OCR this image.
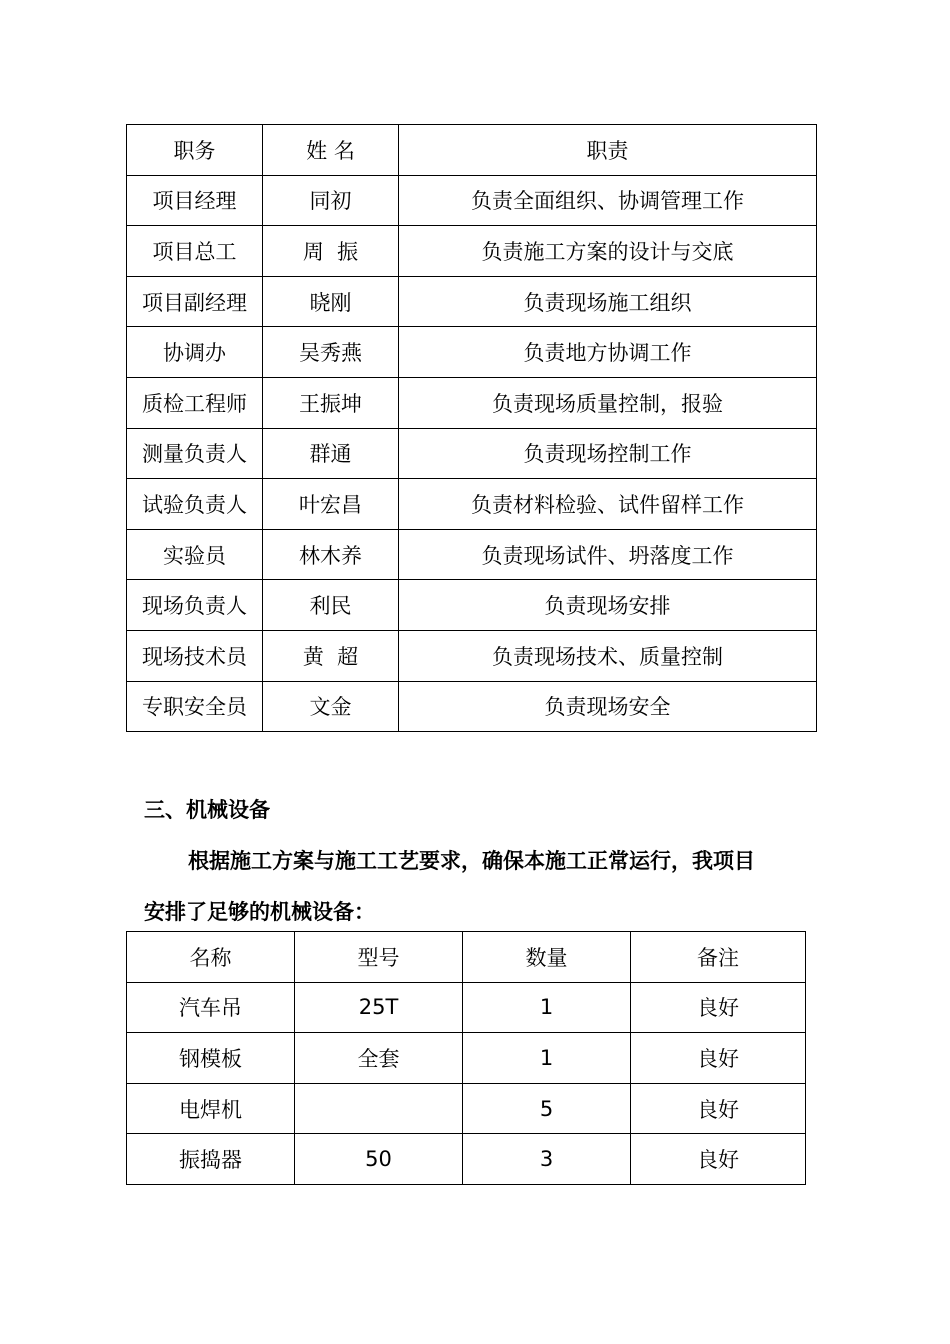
职务	姓 名	职责
项目经理	同初	负责全面组织、协调管理工作
项目总工	周  振	负责施工方案的设计与交底
项目副经理	晓刚	负责现场施工组织
协调办	吴秀燕	负责地方协调工作
质检工程师	王振坤	负责现场质量控制，报验
测量负责人	群通	负责现场控制工作
试验负责人	叶宏昌	负责材料检验、试件留样工作
实验员	林木养	负责现场试件、坍落度工作
现场负责人	利民	负责现场安排
现场技术员	黄  超	负责现场技术、质量控制
专职安全员	文金	负责现场安全

三、机械设备

根据施工方案与施工工艺要求，确保本施工正常运行，我项目

安排了足够的机械设备：

名称	型号	数量	备注
汽车吊	25T	1	良好
钢模板	全套	1	良好
电焊机		5	良好
振捣器	50	3	良好
